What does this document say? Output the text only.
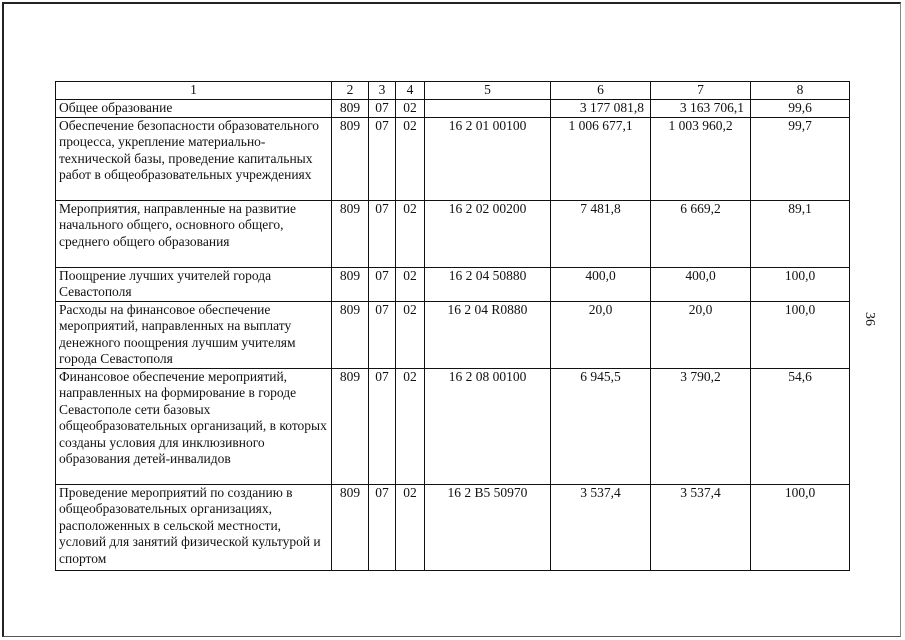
1	2	3	4	5	6	7	8
Общее образование	809	07	02		3 177 081,8	3 163 706,1	99,6
Обеспечение безопасности образовательного процесса, укрепление материально-технической базы, проведение капитальных работ в общеобразовательных учреждениях	809	07	02	16 2 01 00100	1 006 677,1	1 003 960,2	99,7
Мероприятия, направленные на развитие начального общего, основного общего, среднего общего образования	809	07	02	16 2 02 00200	7 481,8	6 669,2	89,1
Поощрение лучших учителей города Севастополя	809	07	02	16 2 04 50880	400,0	400,0	100,0
Расходы на финансовое обеспечение мероприятий, направленных на выплату денежного поощрения лучшим учителям города Севастополя	809	07	02	16 2 04 R0880	20,0	20,0	100,0
Финансовое обеспечение мероприятий, направленных на формирование в городе Севастополе сети базовых общеобразовательных организаций, в которых созданы условия для инклюзивного образования детей-инвалидов	809	07	02	16 2 08 00100	6 945,5	3 790,2	54,6
Проведение мероприятий по созданию в общеобразовательных организациях, расположенных в сельской местности, условий для занятий физической культурой и спортом	809	07	02	16 2 B5 50970	3 537,4	3 537,4	100,0
36
